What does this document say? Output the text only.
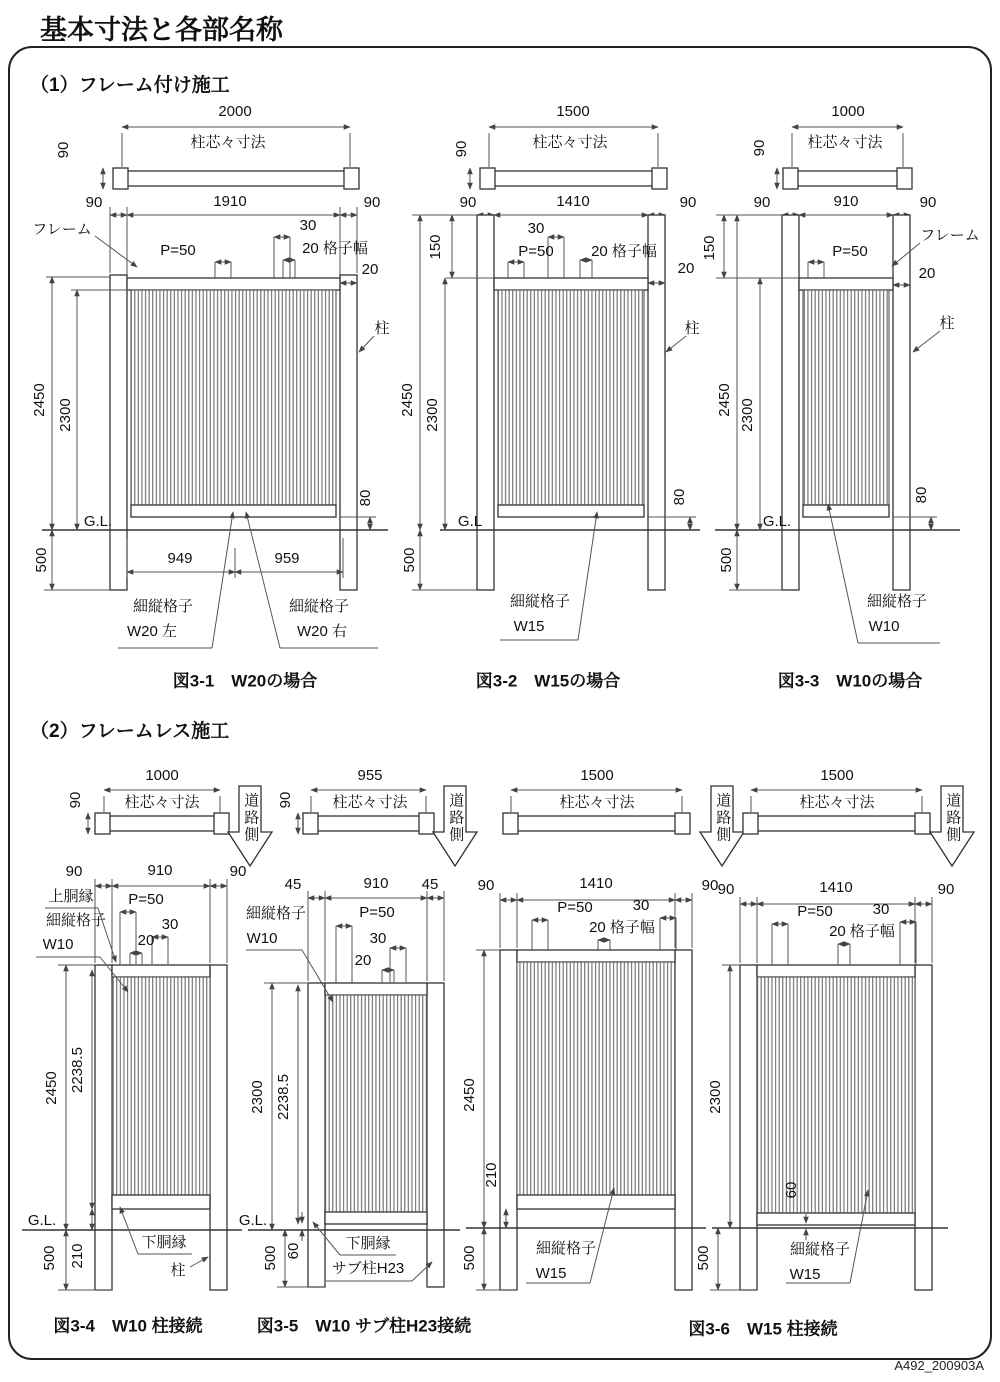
基本寸法と各部名称
（1）フレーム付け施工
（2）フレームレス施工
2000
柱芯々寸法
90
90	1910	90
フレーム
P=50
30
20 格子幅
20
柱
2450 2300
G.L.
80
500	949	959
細縦格子
W20 左
細縦格子
W20 右
図3-1　W20の場合
1500
柱芯々寸法
90
90	1410	90
150
30
P=50 20 格子幅
20
柱
2450 2300
G.L
80
500
細縦格子
W15
図3-2　W15の場合
1000
柱芯々寸法
90
90	910	90
150
フレーム
P=50
20
柱
2450 2300
G.L.
80
500
細縦格子
W10
図3-3　W10の場合
1000
柱芯々寸法
90	道路側
90	910	90
上胴縁
細縦格子
W10
P=50
30
20
2450 2238.5
G.L.
500 210
下胴縁
柱
図3-4　W10 柱接続
955
柱芯々寸法
90	道路側
45	910 45
細縦格子
W10
P=50
30
20
2300 2238.5
G.L.
500 60	下胴縁
サブ柱H23
図3-5　W10 サブ柱H23接続
1500
柱芯々寸法	道路側
90	1410	90
P=50	30
20 格子幅
2450
210
500	細縦格子
W15
図3-6　W15 柱接続
1500
柱芯々寸法	道路側
90	1410	90
P=50	30
20 格子幅
2300
60
500	細縦格子
W15
A492_200903A
